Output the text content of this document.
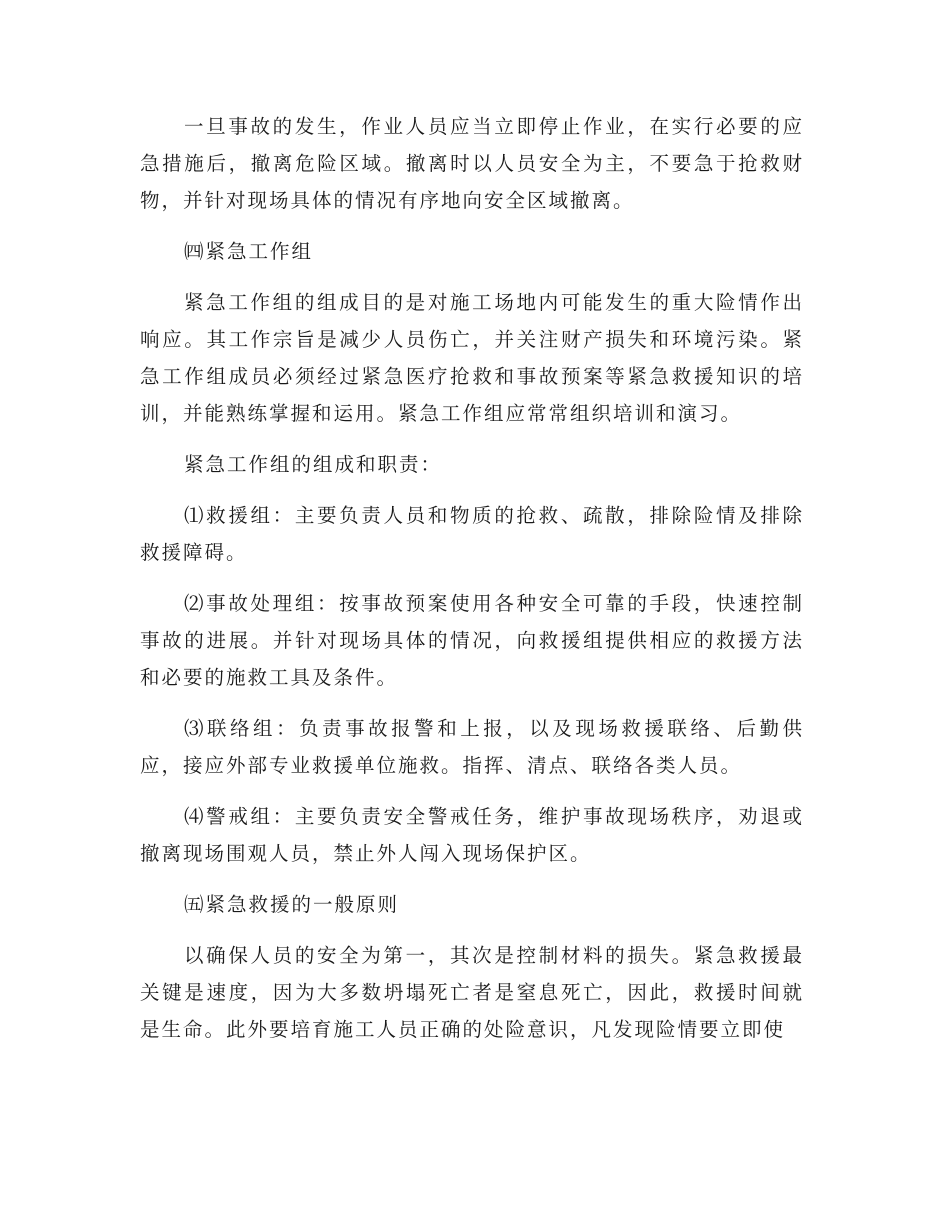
一旦事故的发生，作业人员应当立即停止作业，在实行必要的应急措施后，撤离危险区域。撤离时以人员安全为主，不要急于抢救财物，并针对现场具体的情况有序地向安全区域撤离。

㈣紧急工作组

紧急工作组的组成目的是对施工场地内可能发生的重大险情作出响应。其工作宗旨是减少人员伤亡，并关注财产损失和环境污染。紧急工作组成员必须经过紧急医疗抢救和事故预案等紧急救援知识的培训，并能熟练掌握和运用。紧急工作组应常常组织培训和演习。

紧急工作组的组成和职责：

⑴救援组：主要负责人员和物质的抢救、疏散，排除险情及排除救援障碍。

⑵事故处理组：按事故预案使用各种安全可靠的手段，快速控制事故的进展。并针对现场具体的情况，向救援组提供相应的救援方法和必要的施救工具及条件。

⑶联络组：负责事故报警和上报，以及现场救援联络、后勤供应，接应外部专业救援单位施救。指挥、清点、联络各类人员。

⑷警戒组：主要负责安全警戒任务，维护事故现场秩序，劝退或撤离现场围观人员，禁止外人闯入现场保护区。

㈤紧急救援的一般原则

以确保人员的安全为第一，其次是控制材料的损失。紧急救援最关键是速度，因为大多数坍塌死亡者是窒息死亡，因此，救援时间就是生命。此外要培育施工人员正确的处险意识，凡发现险情要立即使
